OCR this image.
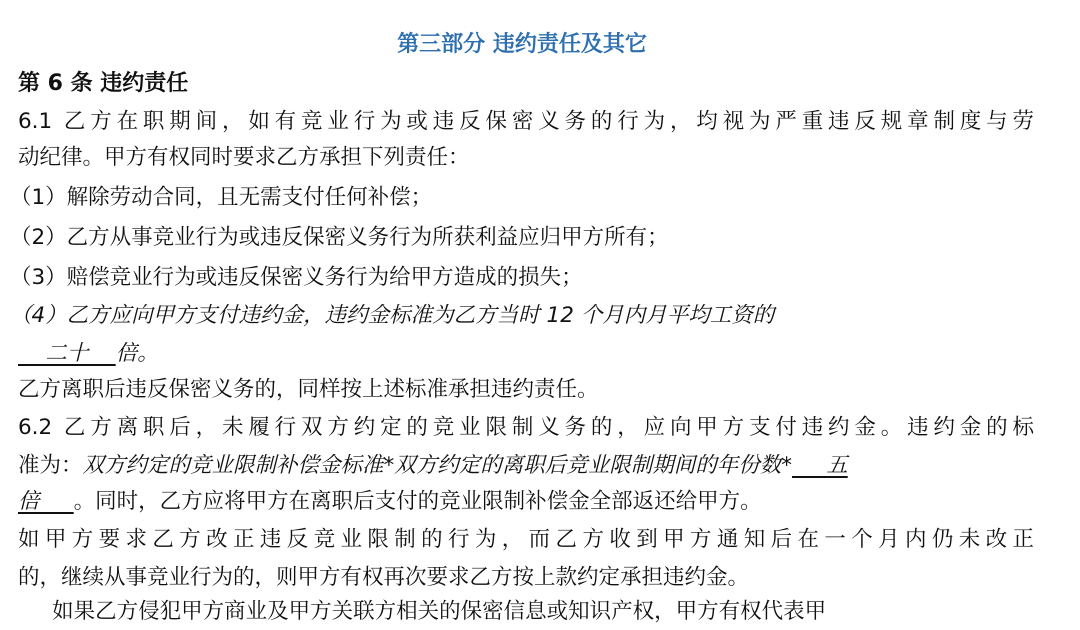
第三部分 违约责任及其它
第 6 条 违约责任
6.1 乙方在职期间，如有竞业行为或违反保密义务的行为，均视为严重违反规章制度与劳
动纪律。甲方有权同时要求乙方承担下列责任：
（1）解除劳动合同，且无需支付任何补偿；
（2）乙方从事竞业行为或违反保密义务行为所获利益应归甲方所有；
（3）赔偿竞业行为或违反保密义务行为给甲方造成的损失；
（4）乙方应向甲方支付违约金，违约金标准为乙方当时 12 个月内月平均工资的
二十    倍。
乙方离职后违反保密义务的，同样按上述标准承担违约责任。
6.2 乙方离职后，未履行双方约定的竞业限制义务的，应向甲方支付违约金。违约金的标
准为：双方约定的竞业限制补偿金标准*双方约定的离职后竞业限制期间的年份数*     五
倍     。同时，乙方应将甲方在离职后支付的竞业限制补偿金全部返还给甲方。
如甲方要求乙方改正违反竞业限制的行为，而乙方收到甲方通知后在一个月内仍未改正
的，继续从事竞业行为的，则甲方有权再次要求乙方按上款约定承担违约金。
如果乙方侵犯甲方商业及甲方关联方相关的保密信息或知识产权，甲方有权代表甲
